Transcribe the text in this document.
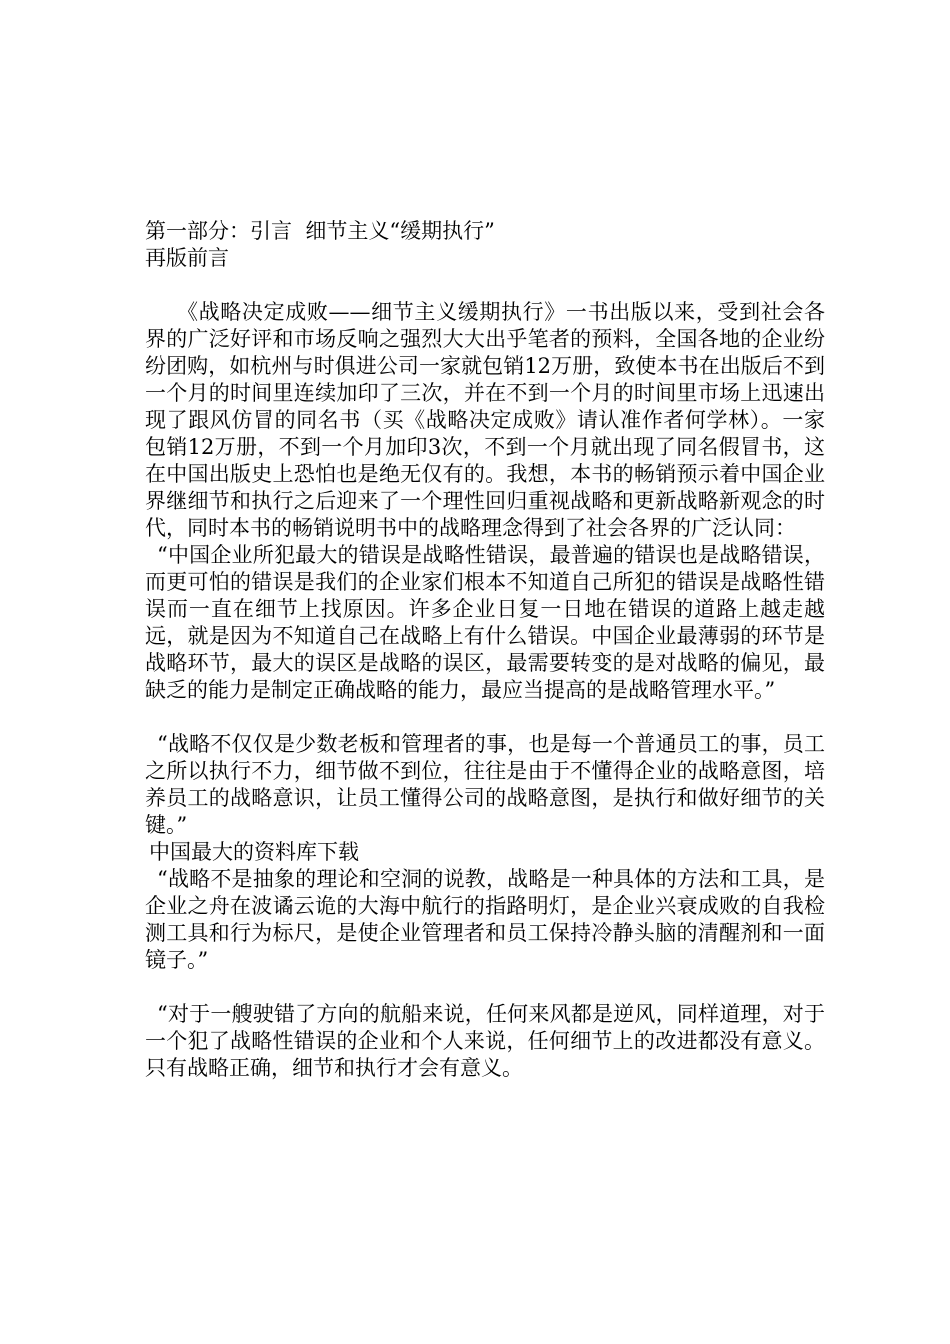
第一部分：引言  细节主义“缓期执行”
再版前言

《战略决定成败——细节主义缓期执行》一书出版以来，受到社会各界的广泛好评和市场反响之强烈大大出乎笔者的预料，全国各地的企业纷纷团购，如杭州与时俱进公司一家就包销12万册，致使本书在出版后不到一个月的时间里连续加印了三次，并在不到一个月的时间里市场上迅速出现了跟风仿冒的同名书（买《战略决定成败》请认准作者何学林）。一家包销12万册，不到一个月加印3次，不到一个月就出现了同名假冒书，这在中国出版史上恐怕也是绝无仅有的。我想，本书的畅销预示着中国企业界继细节和执行之后迎来了一个理性回归重视战略和更新战略新观念的时代，同时本书的畅销说明书中的战略理念得到了社会各界的广泛认同：

“中国企业所犯最大的错误是战略性错误，最普遍的错误也是战略错误，而更可怕的错误是我们的企业家们根本不知道自己所犯的错误是战略性错误而一直在细节上找原因。许多企业日复一日地在错误的道路上越走越远，就是因为不知道自己在战略上有什么错误。中国企业最薄弱的环节是战略环节，最大的误区是战略的误区，最需要转变的是对战略的偏见，最缺乏的能力是制定正确战略的能力，最应当提高的是战略管理水平。”

“战略不仅仅是少数老板和管理者的事，也是每一个普通员工的事，员工之所以执行不力，细节做不到位，往往是由于不懂得企业的战略意图，培养员工的战略意识，让员工懂得公司的战略意图，是执行和做好细节的关键。”

中国最大的资料库下载

“战略不是抽象的理论和空洞的说教，战略是一种具体的方法和工具，是企业之舟在波谲云诡的大海中航行的指路明灯，是企业兴衰成败的自我检测工具和行为标尺，是使企业管理者和员工保持冷静头脑的清醒剂和一面镜子。”

“对于一艘驶错了方向的航船来说，任何来风都是逆风，同样道理，对于一个犯了战略性错误的企业和个人来说，任何细节上的改进都没有意义。只有战略正确，细节和执行才会有意义。
